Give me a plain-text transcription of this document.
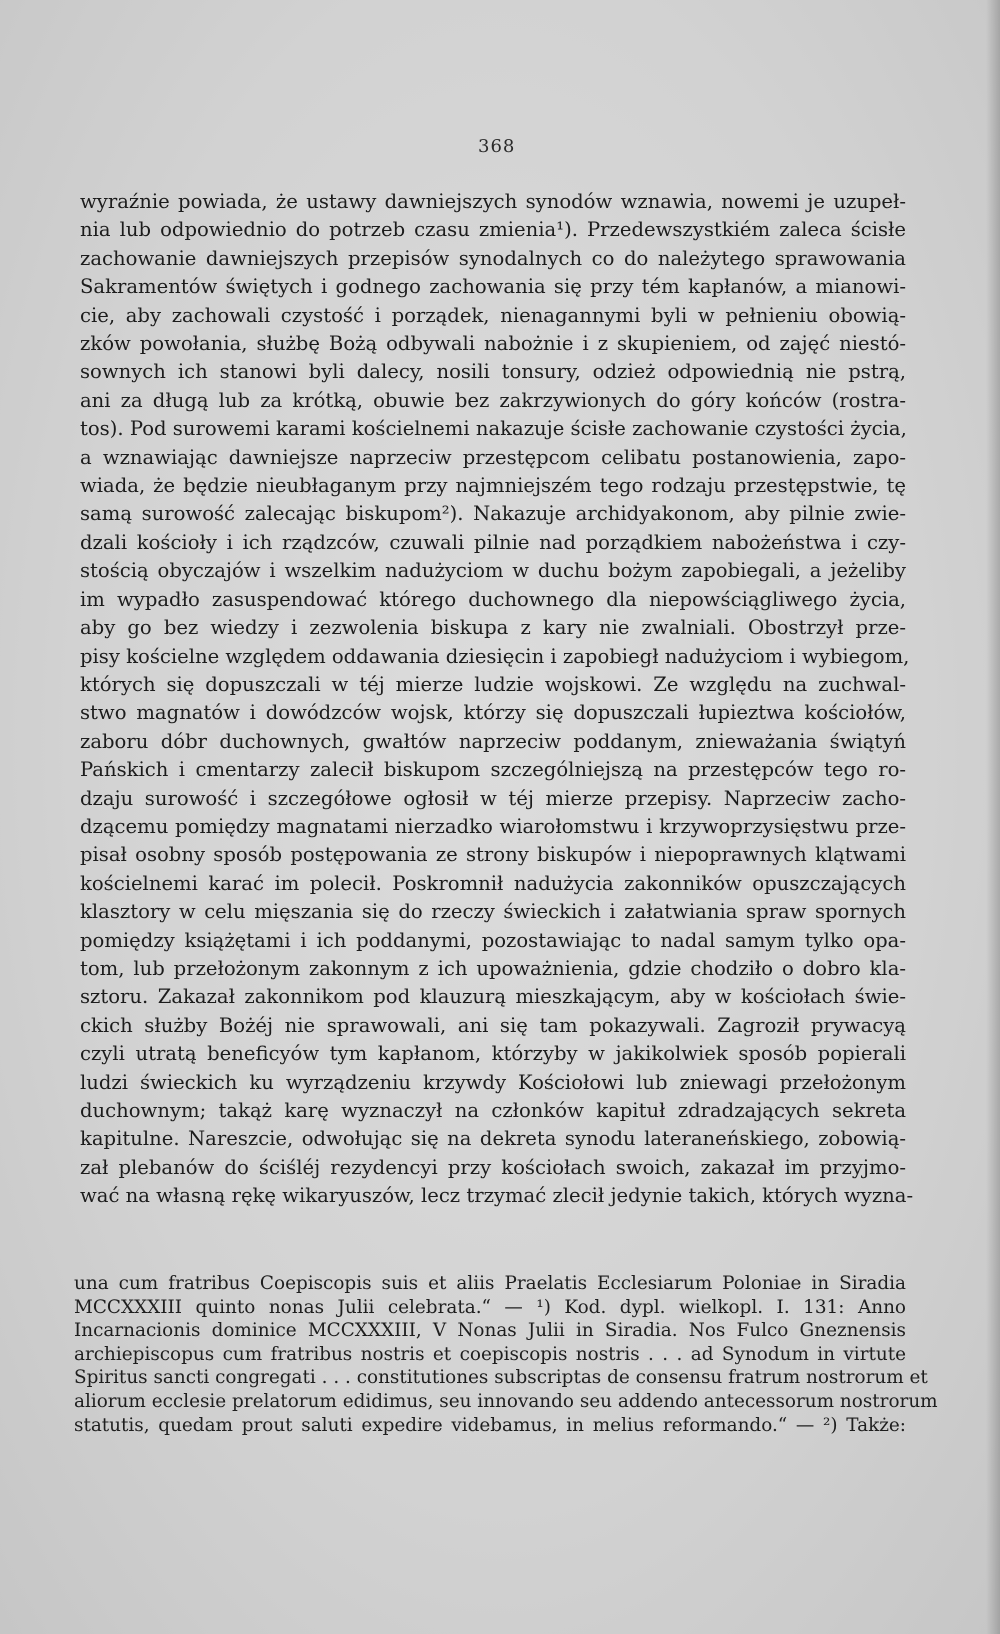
368
wyraźnie powiada, że ustawy dawniejszych synodów wznawia, nowemi je uzupeł-
nia lub odpowiednio do potrzeb czasu zmienia¹). Przedewszystkiém zaleca ścisłe
zachowanie dawniejszych przepisów synodalnych co do należytego sprawowania
Sakramentów świętych i godnego zachowania się przy tém kapłanów, a mianowi-
cie, aby zachowali czystość i porządek, nienagannymi byli w pełnieniu obowią-
zków powołania, służbę Bożą odbywali nabożnie i z skupieniem, od zajęć niestó-
sownych ich stanowi byli dalecy, nosili tonsury, odzież odpowiednią nie pstrą,
ani za długą lub za krótką, obuwie bez zakrzywionych do góry końców (rostra-
tos). Pod surowemi karami kościelnemi nakazuje ścisłe zachowanie czystości życia,
a wznawiając dawniejsze naprzeciw przestępcom celibatu postanowienia, zapo-
wiada, że będzie nieubłaganym przy najmniejszém tego rodzaju przestępstwie, tę
samą surowość zalecając biskupom²). Nakazuje archidyakonom, aby pilnie zwie-
dzali kościoły i ich rządzców, czuwali pilnie nad porządkiem nabożeństwa i czy-
stością obyczajów i wszelkim nadużyciom w duchu bożym zapobiegali, a jeżeliby
im wypadło zasuspendować którego duchownego dla niepowściągliwego życia,
aby go bez wiedzy i zezwolenia biskupa z kary nie zwalniali. Obostrzył prze-
pisy kościelne względem oddawania dziesięcin i zapobiegł nadużyciom i wybiegom,
których się dopuszczali w téj mierze ludzie wojskowi. Ze względu na zuchwal-
stwo magnatów i dowódzców wojsk, którzy się dopuszczali łupieztwa kościołów,
zaboru dóbr duchownych, gwałtów naprzeciw poddanym, znieważania świątyń
Pańskich i cmentarzy zalecił biskupom szczególniejszą na przestępców tego ro-
dzaju surowość i szczegółowe ogłosił w téj mierze przepisy. Naprzeciw zacho-
dzącemu pomiędzy magnatami nierzadko wiarołomstwu i krzywoprzysięstwu prze-
pisał osobny sposób postępowania ze strony biskupów i niepoprawnych klątwami
kościelnemi karać im polecił. Poskromnił nadużycia zakonników opuszczających
klasztory w celu mięszania się do rzeczy świeckich i załatwiania spraw spornych
pomiędzy książętami i ich poddanymi, pozostawiając to nadal samym tylko opa-
tom, lub przełożonym zakonnym z ich upoważnienia, gdzie chodziło o dobro kla-
sztoru. Zakazał zakonnikom pod klauzurą mieszkającym, aby w kościołach świe-
ckich służby Bożéj nie sprawowali, ani się tam pokazywali. Zagroził prywacyą
czyli utratą beneficyów tym kapłanom, którzyby w jakikolwiek sposób popierali
ludzi świeckich ku wyrządzeniu krzywdy Kościołowi lub zniewagi przełożonym
duchownym; takąż karę wyznaczył na członków kapituł zdradzających sekreta
kapitulne. Nareszcie, odwołując się na dekreta synodu lateraneńskiego, zobowią-
zał plebanów do ściśléj rezydencyi przy kościołach swoich, zakazał im przyjmo-
wać na własną rękę wikaryuszów, lecz trzymać zlecił jedynie takich, których wyzna-
una cum fratribus Coepiscopis suis et aliis Praelatis Ecclesiarum Poloniae in Siradia
MCCXXXIII quinto nonas Julii celebrata.“ — ¹) Kod. dypl. wielkopl. I. 131: Anno
Incarnacionis dominice MCCXXXIII, V Nonas Julii in Siradia. Nos Fulco Gneznensis
archiepiscopus cum fratribus nostris et coepiscopis nostris . . . ad Synodum in virtute
Spiritus sancti congregati . . . constitutiones subscriptas de consensu fratrum nostrorum et
aliorum ecclesie prelatorum edidimus, seu innovando seu addendo antecessorum nostrorum
statutis, quedam prout saluti expedire videbamus, in melius reformando.“ — ²) Także:
